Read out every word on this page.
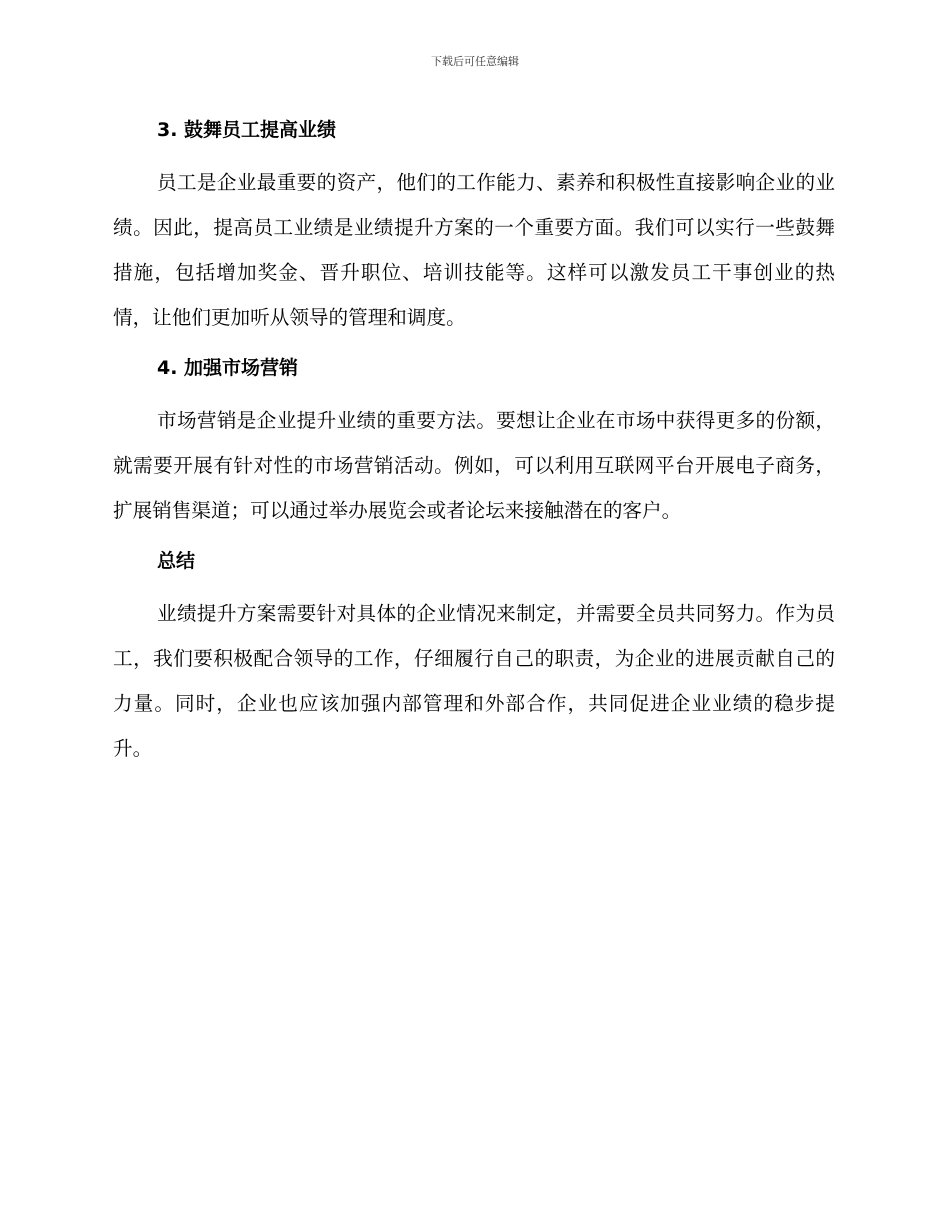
下载后可任意编辑
3. 鼓舞员工提高业绩

员工是企业最重要的资产，他们的工作能力、素养和积极性直接影响企业的业绩。因此，提高员工业绩是业绩提升方案的一个重要方面。我们可以实行一些鼓舞措施，包括增加奖金、晋升职位、培训技能等。这样可以激发员工干事创业的热情，让他们更加听从领导的管理和调度。

4. 加强市场营销

市场营销是企业提升业绩的重要方法。要想让企业在市场中获得更多的份额，就需要开展有针对性的市场营销活动。例如，可以利用互联网平台开展电子商务，扩展销售渠道；可以通过举办展览会或者论坛来接触潜在的客户。

总结

业绩提升方案需要针对具体的企业情况来制定，并需要全员共同努力。作为员工，我们要积极配合领导的工作，仔细履行自己的职责，为企业的进展贡献自己的力量。同时，企业也应该加强内部管理和外部合作，共同促进企业业绩的稳步提升。
